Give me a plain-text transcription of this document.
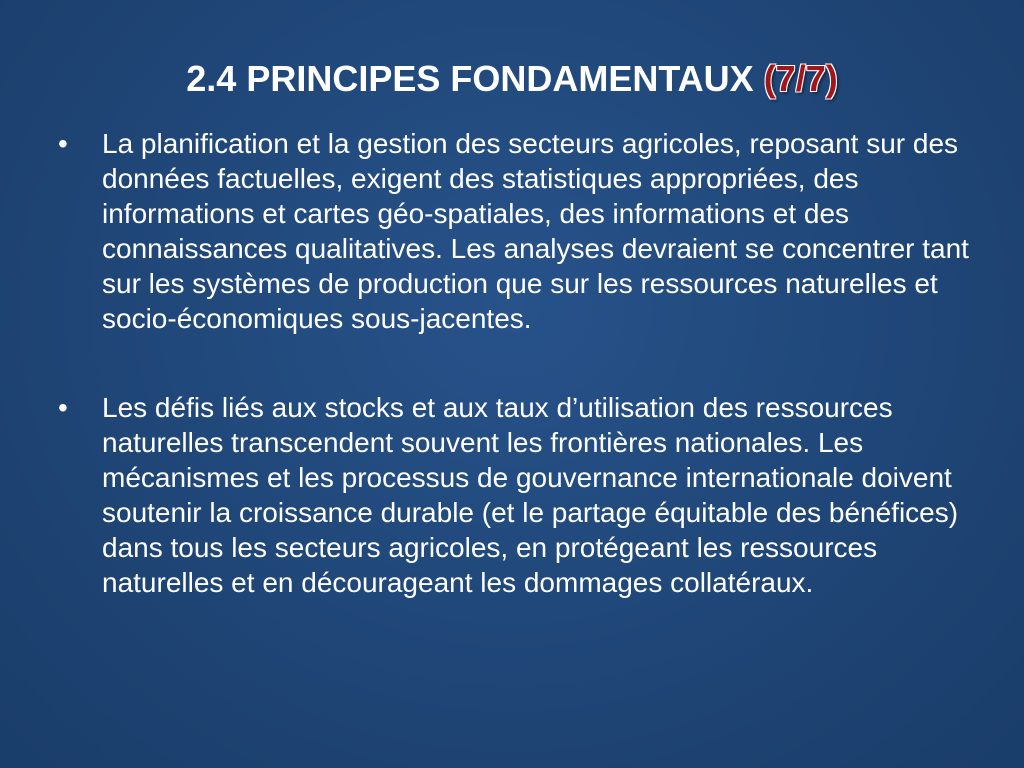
2.4 PRINCIPES FONDAMENTAUX (7/7)
• La planification et la gestion des secteurs agricoles, reposant sur des données factuelles, exigent des statistiques appropriées, des informations et cartes géo-spatiales, des informations et des connaissances qualitatives. Les analyses devraient se concentrer tant sur les systèmes de production que sur les ressources naturelles et socio-économiques sous-jacentes.
• Les défis liés aux stocks et aux taux d’utilisation des ressources naturelles transcendent souvent les frontières nationales. Les mécanismes et les processus de gouvernance internationale doivent soutenir la croissance durable (et le partage équitable des bénéfices) dans tous les secteurs agricoles, en protégeant les ressources naturelles et en décourageant les dommages collatéraux.
